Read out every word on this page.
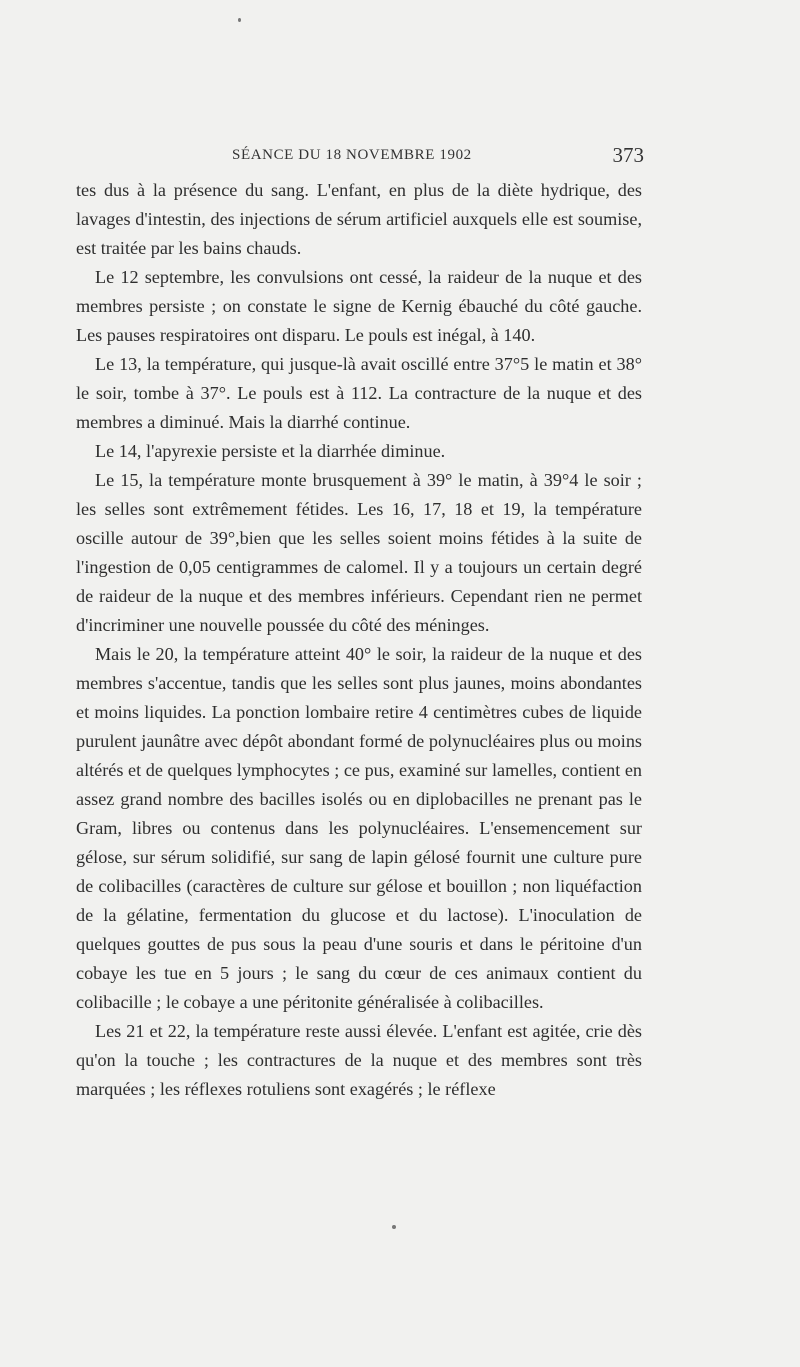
SÉANCE DU 18 NOVEMBRE 1902	373

tes dus à la présence du sang. L'enfant, en plus de la diète hydrique, des lavages d'intestin, des injections de sérum artificiel auxquels elle est soumise, est traitée par les bains chauds.

Le 12 septembre, les convulsions ont cessé, la raideur de la nuque et des membres persiste ; on constate le signe de Kernig ébauché du côté gauche. Les pauses respiratoires ont disparu. Le pouls est inégal, à 140.

Le 13, la température, qui jusque-là avait oscillé entre 37°5 le matin et 38° le soir, tombe à 37°. Le pouls est à 112. La contracture de la nuque et des membres a diminué. Mais la diarrhé continue.

Le 14, l'apyrexie persiste et la diarrhée diminue.

Le 15, la température monte brusquement à 39° le matin, à 39°4 le soir ; les selles sont extrêmement fétides. Les 16, 17, 18 et 19, la température oscille autour de 39°,bien que les selles soient moins fétides à la suite de l'ingestion de 0,05 centigrammes de calomel. Il y a toujours un certain degré de raideur de la nuque et des membres inférieurs. Cependant rien ne permet d'incriminer une nouvelle poussée du côté des méninges.

Mais le 20, la température atteint 40° le soir, la raideur de la nuque et des membres s'accentue, tandis que les selles sont plus jaunes, moins abondantes et moins liquides. La ponction lombaire retire 4 centimètres cubes de liquide purulent jaunâtre avec dépôt abondant formé de polynucléaires plus ou moins altérés et de quelques lymphocytes ; ce pus, examiné sur lamelles, contient en assez grand nombre des bacilles isolés ou en diplobacilles ne prenant pas le Gram, libres ou contenus dans les polynucléaires. L'ensemencement sur gélose, sur sérum solidifié, sur sang de lapin gélosé fournit une culture pure de colibacilles (caractères de culture sur gélose et bouillon ; non liquéfaction de la gélatine, fermentation du glucose et du lactose). L'inoculation de quelques gouttes de pus sous la peau d'une souris et dans le péritoine d'un cobaye les tue en 5 jours ; le sang du cœur de ces animaux contient du colibacille ; le cobaye a une péritonite généralisée à colibacilles.

Les 21 et 22, la température reste aussi élevée. L'enfant est agitée, crie dès qu'on la touche ; les contractures de la nuque et des membres sont très marquées ; les réflexes rotuliens sont exagérés ; le réflexe
